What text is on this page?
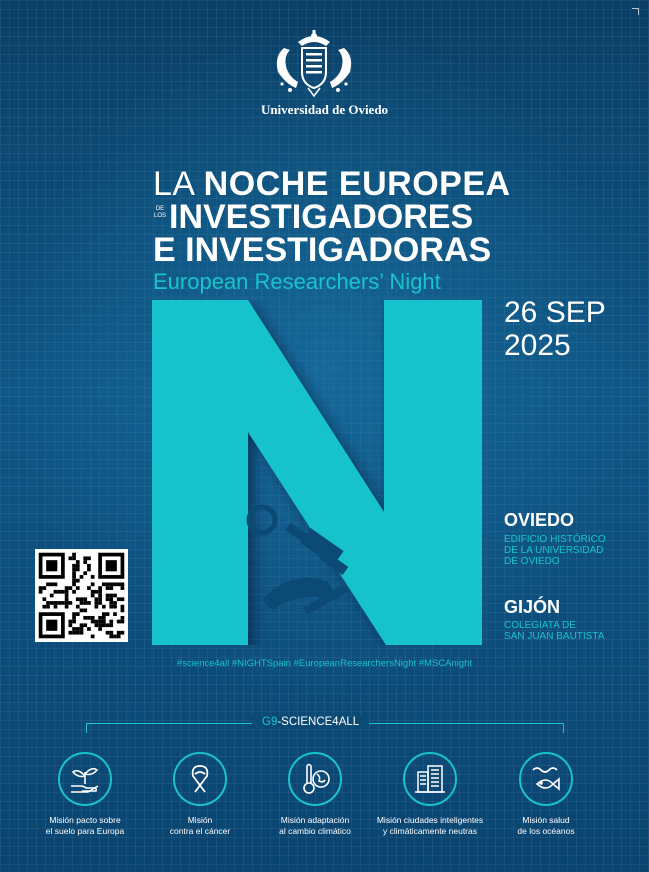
Universidad de Oviedo
LA NOCHE EUROPEA
DE
LOS INVESTIGADORES
E INVESTIGADORAS
European Researchers’ Night
26 SEP
2025
OVIEDO
EDIFICIO HISTÓRICO
DE LA UNIVERSIDAD
DE OVIEDO
GIJÓN
COLEGIATA DE
SAN JUAN BAUTISTA
#science4all #NIGHTSpain #EuropeanResearchersNight #MSCAnight
G9-SCIENCE4ALL
Misión pacto sobre
el suelo para Europa
Misión
contra el cáncer
Misión adaptación
al cambio climático
Misión ciudades inteligentes
y climáticamente neutras
Misión salud
de los océanos
